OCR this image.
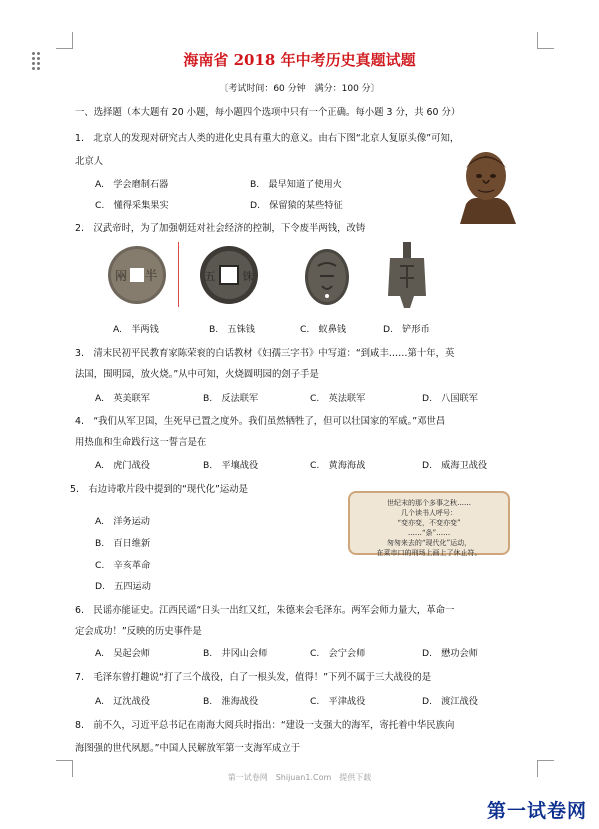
海南省 2018 年中考历史真题试题
〔考试时间：60 分钟　满分：100 分〕
一、选择题（本大题有 20 小题，每小题四个选项中只有一个正确。每小题 3 分，共 60 分）
1.　北京人的发现对研究古人类的进化史具有重大的意义。由右下图“北京人复原头像”可知，
北京人
A.　学会磨制石器	B.　最早知道了使用火
C.　懂得采集果实	D.　保留猿的某些特征
2.　汉武帝时，为了加强朝廷对社会经济的控制，下令废半两钱，改铸
半
㒳	五 铢
A.　半两钱	B.　五铢钱	C.　蚁鼻钱	D.　铲形币
3.　清末民初平民教育家陈荣衮的白话教材《妇孺三字书》中写道：“到咸丰……第十年，英
法国，围明园，放火烧。”从中可知，火烧圆明园的刽子手是
A.　英美联军	B.　反法联军	C.　英法联军	D.　八国联军
4.　“我们从军卫国，生死早已置之度外。我们虽然牺牲了，但可以壮国家的军威。”邓世昌
用热血和生命践行这一誓言是在
A.　虎门战役	B.　平壤战役	C.　黄海海战	D.　威海卫战役
5.　右边诗歌片段中提到的“现代化”运动是
A.　洋务运动
B.　百日维新
C.　辛亥革命
D.　五四运动
世纪末的那个多事之秋……
几个读书人呼号：
“变亦变，不变亦变”
……“条”……
匆匆来去的“现代化”运动，
在菜市口的刑场上画上了休止符。
6.　民谣亦能证史。江西民谣“日头一出红又红，朱德来会毛泽东。两军会师力量大，革命一
定会成功！”反映的历史事件是
A.　吴起会师	B.　井冈山会师	C.　会宁会师	D.　懋功会师
7.　毛泽东曾打趣说“打了三个战役，白了一根头发，值得！”下列不属于三大战役的是
A.　辽沈战役	B.　淮海战役	C.　平津战役	D.　渡江战役
8.　前不久，习近平总书记在南海大阅兵时指出：“建设一支强大的海军，寄托着中华民族向
海图强的世代夙愿。”中国人民解放军第一支海军成立于
第一试卷网　Shijuan1.Com　提供下载
第一试卷网
